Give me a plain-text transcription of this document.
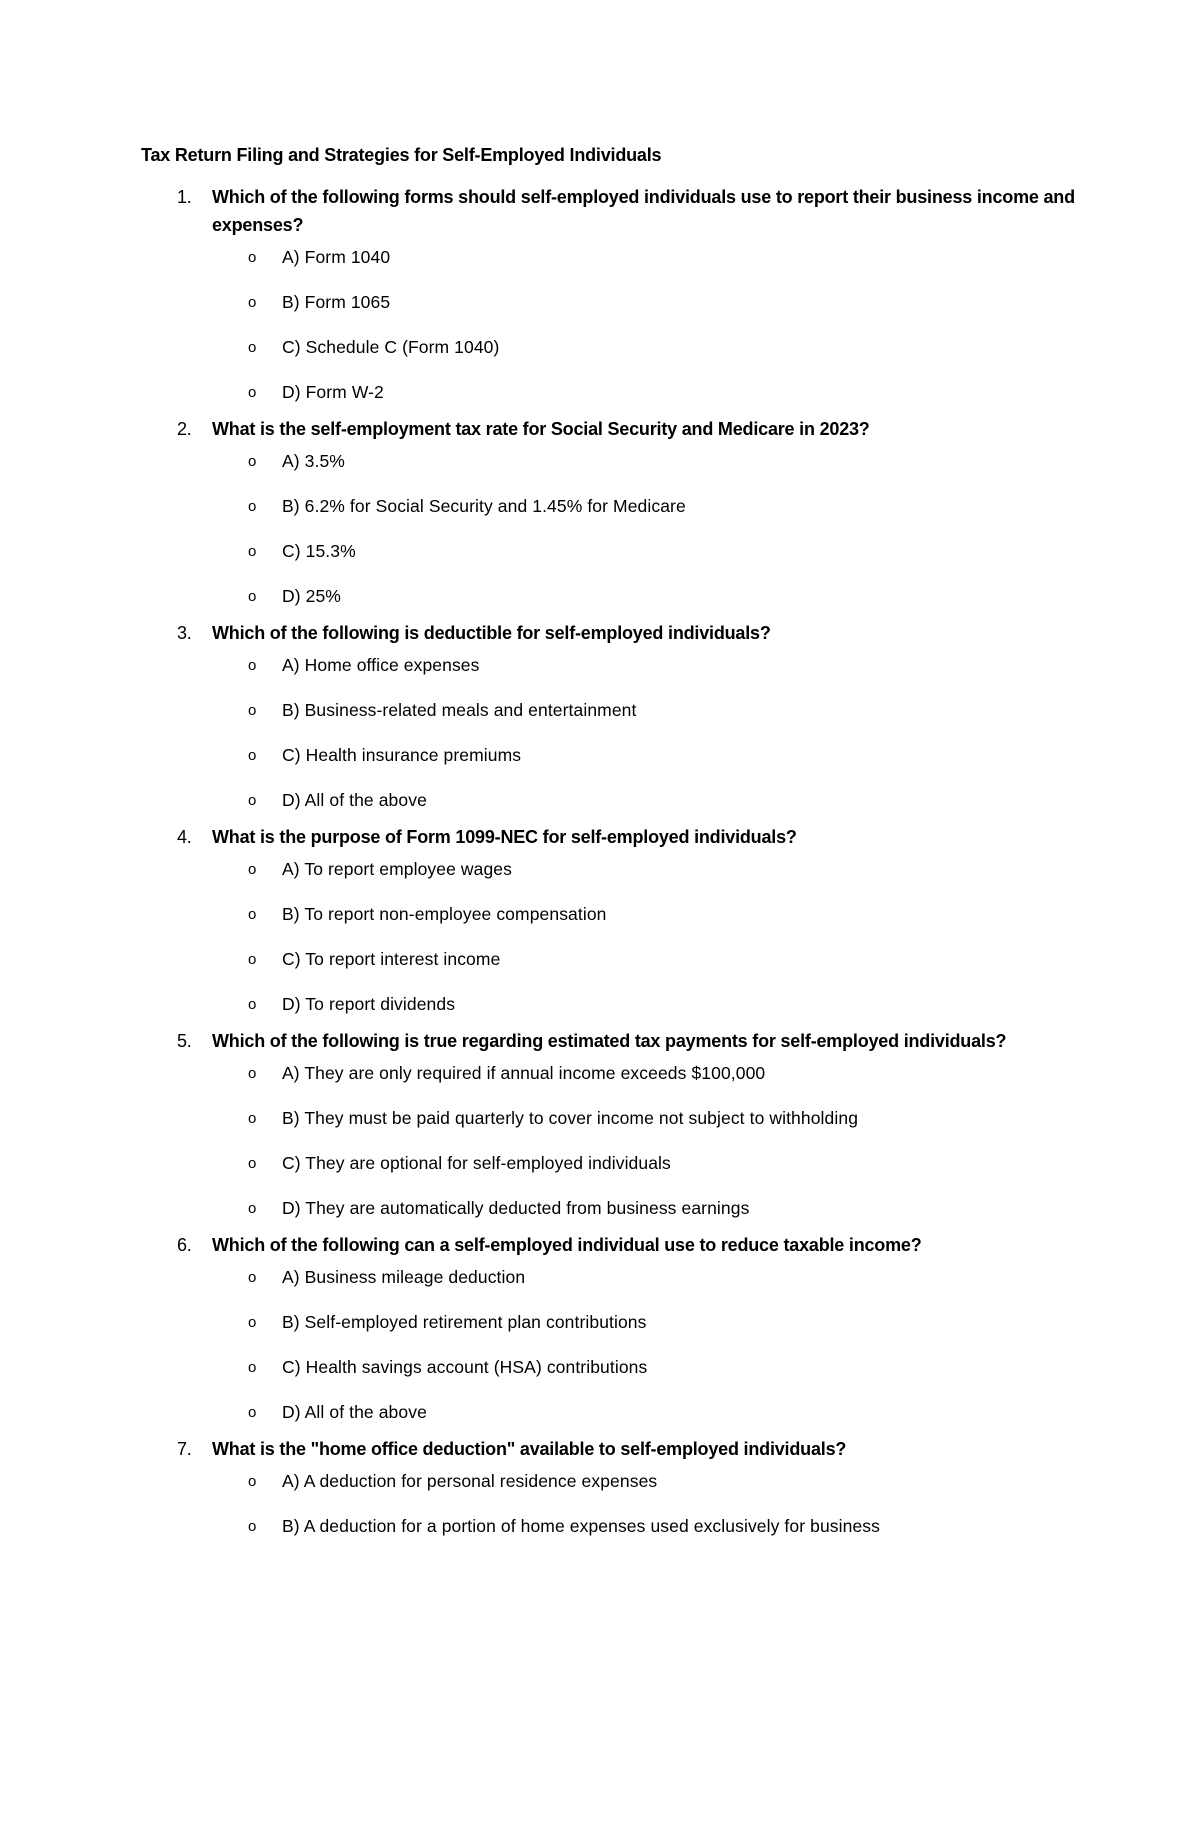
Tax Return Filing and Strategies for Self-Employed Individuals
1. Which of the following forms should self-employed individuals use to report their business income and expenses?
o A) Form 1040
o B) Form 1065
o C) Schedule C (Form 1040)
o D) Form W-2
2. What is the self-employment tax rate for Social Security and Medicare in 2023?
o A) 3.5%
o B) 6.2% for Social Security and 1.45% for Medicare
o C) 15.3%
o D) 25%
3. Which of the following is deductible for self-employed individuals?
o A) Home office expenses
o B) Business-related meals and entertainment
o C) Health insurance premiums
o D) All of the above
4. What is the purpose of Form 1099-NEC for self-employed individuals?
o A) To report employee wages
o B) To report non-employee compensation
o C) To report interest income
o D) To report dividends
5. Which of the following is true regarding estimated tax payments for self-employed individuals?
o A) They are only required if annual income exceeds $100,000
o B) They must be paid quarterly to cover income not subject to withholding
o C) They are optional for self-employed individuals
o D) They are automatically deducted from business earnings
6. Which of the following can a self-employed individual use to reduce taxable income?
o A) Business mileage deduction
o B) Self-employed retirement plan contributions
o C) Health savings account (HSA) contributions
o D) All of the above
7. What is the "home office deduction" available to self-employed individuals?
o A) A deduction for personal residence expenses
o B) A deduction for a portion of home expenses used exclusively for business
